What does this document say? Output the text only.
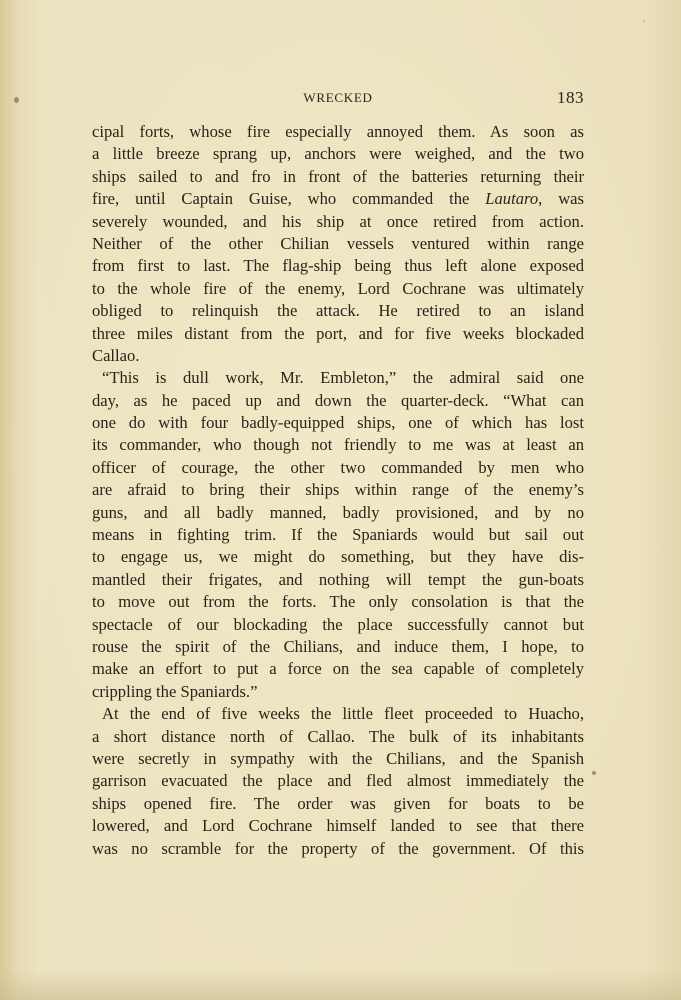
WRECKED	183
cipal forts, whose fire especially annoyed them. As soon as
a little breeze sprang up, anchors were weighed, and the two
ships sailed to and fro in front of the batteries returning their
fire, until Captain Guise, who commanded the Lautaro, was
severely wounded, and his ship at once retired from action.
Neither of the other Chilian vessels ventured within range
from first to last. The flag-ship being thus left alone exposed
to the whole fire of the enemy, Lord Cochrane was ultimately
obliged to relinquish the attack. He retired to an island
three miles distant from the port, and for five weeks blockaded
Callao.
“This is dull work, Mr. Embleton,” the admiral said one
day, as he paced up and down the quarter-deck. “What can
one do with four badly-equipped ships, one of which has lost
its commander, who though not friendly to me was at least an
officer of courage, the other two commanded by men who
are afraid to bring their ships within range of the enemy’s
guns, and all badly manned, badly provisioned, and by no
means in fighting trim. If the Spaniards would but sail out
to engage us, we might do something, but they have dis-
mantled their frigates, and nothing will tempt the gun-boats
to move out from the forts. The only consolation is that the
spectacle of our blockading the place successfully cannot but
rouse the spirit of the Chilians, and induce them, I hope, to
make an effort to put a force on the sea capable of completely
crippling the Spaniards.”
At the end of five weeks the little fleet proceeded to Huacho,
a short distance north of Callao. The bulk of its inhabitants
were secretly in sympathy with the Chilians, and the Spanish
garrison evacuated the place and fled almost immediately the
ships opened fire. The order was given for boats to be
lowered, and Lord Cochrane himself landed to see that there
was no scramble for the property of the government. Of this
